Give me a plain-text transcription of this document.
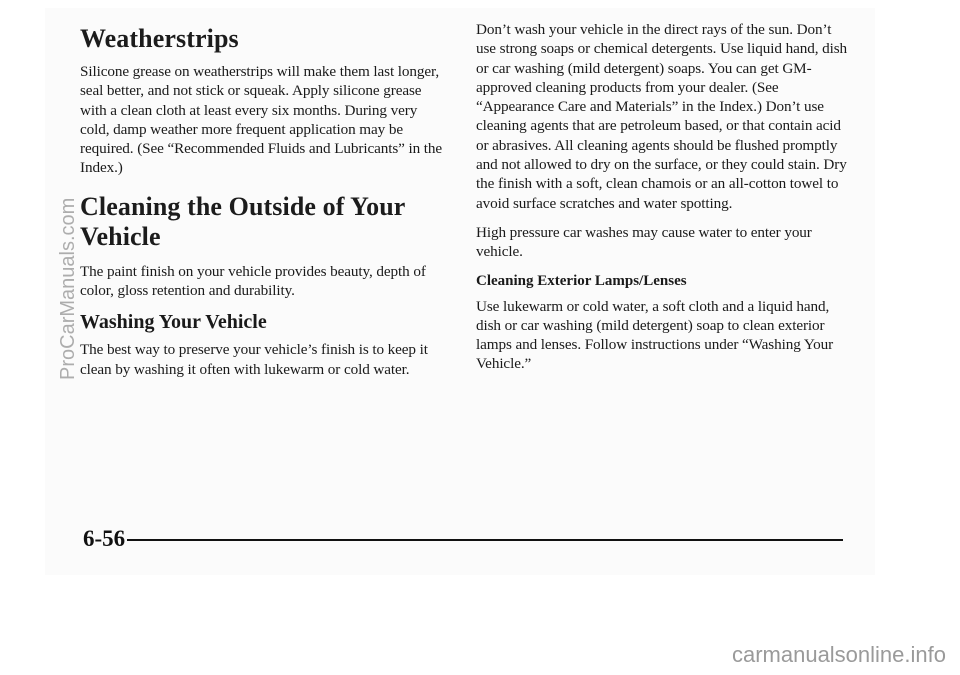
Weatherstrips

Silicone grease on weatherstrips will make them last longer, seal better, and not stick or squeak. Apply silicone grease with a clean cloth at least every six months. During very cold, damp weather more frequent application may be required. (See “Recommended Fluids and Lubricants” in the Index.)

Cleaning the Outside of Your Vehicle

The paint finish on your vehicle provides beauty, depth of color, gloss retention and durability.

Washing Your Vehicle

The best way to preserve your vehicle’s finish is to keep it clean by washing it often with lukewarm or cold water.

Don’t wash your vehicle in the direct rays of the sun. Don’t use strong soaps or chemical detergents. Use liquid hand, dish or car washing (mild detergent) soaps. You can get GM-approved cleaning products from your dealer. (See “Appearance Care and Materials” in the Index.) Don’t use cleaning agents that are petroleum based, or that contain acid or abrasives. All cleaning agents should be flushed promptly and not allowed to dry on the surface, or they could stain. Dry the finish with a soft, clean chamois or an all-cotton towel to avoid surface scratches and water spotting.

High pressure car washes may cause water to enter your vehicle.

Cleaning Exterior Lamps/Lenses

Use lukewarm or cold water, a soft cloth and a liquid hand, dish or car washing (mild detergent) soap to clean exterior lamps and lenses. Follow instructions under “Washing Your Vehicle.”

6-56
ProCarManuals.com
carmanualsonline.info
